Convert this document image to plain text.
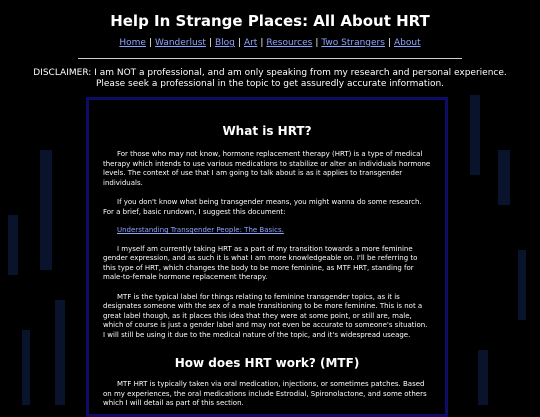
Help In Strange Places: All About HRT
Home | Wanderlust | Blog | Art | Resources | Two Strangers | About

DISCLAIMER: I am NOT a professional, and am only speaking from my research and personal experience.
Please seek a professional in the topic to get assuredly accurate information.

What is HRT?

For those who may not know, hormone replacement therapy (HRT) is a type of medical therapy which intends to use various medications to stabilize or alter an individuals hormone levels. The context of use that I am going to talk about is as it applies to transgender individuals.

If you don't know what being transgender means, you might wanna do some research. For a brief, basic rundown, I suggest this document:

Understanding Transgender People: The Basics.

I myself am currently taking HRT as a part of my transition towards a more feminine gender expression, and as such it is what I am more knowledgeable on. I'll be referring to this type of HRT, which changes the body to be more feminine, as MTF HRT, standing for male-to-female hormone replacement therapy.

MTF is the typical label for things relating to feminine transgender topics, as it is designates someone with the sex of a male transitioning to be more feminine. This is not a great label though, as it places this idea that they were at some point, or still are, male, which of course is just a gender label and may not even be accurate to someone's situation. I will still be using it due to the medical nature of the topic, and it's widespread useage.

How does HRT work? (MTF)

MTF HRT is typically taken via oral medication, injections, or sometimes patches. Based on my experiences, the oral medications include Estrodial, Spironolactone, and some others which I will detail as part of this section.
